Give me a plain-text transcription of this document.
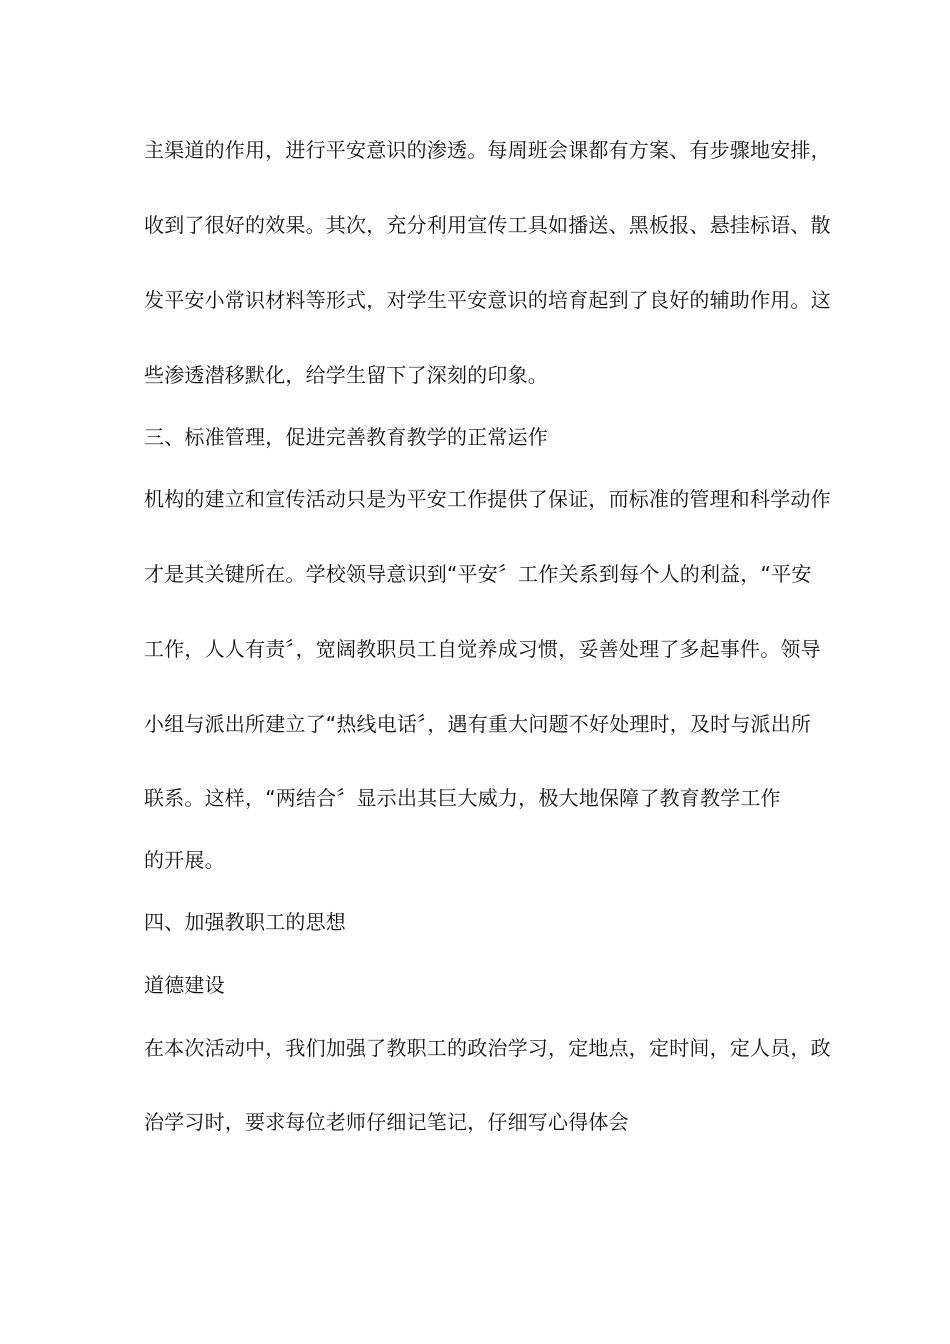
主渠道的作用，进行平安意识的渗透。每周班会课都有方案、有步骤地安排，
收到了很好的效果。其次，充分利用宣传工具如播送、黑板报、悬挂标语、散
发平安小常识材料等形式，对学生平安意识的培育起到了良好的辅助作用。这
些渗透潜移默化，给学生留下了深刻的印象。
三、标准管理，促进完善教育教学的正常运作
机构的建立和宣传活动只是为平安工作提供了保证，而标准的管理和科学动作
才是其关键所在。学校领导意识到“平安〞工作关系到每个人的利益，“平安
工作，人人有责〞，宽阔教职员工自觉养成习惯，妥善处理了多起事件。领导
小组与派出所建立了“热线电话〞，遇有重大问题不好处理时，及时与派出所
联系。这样，“两结合〞显示出其巨大威力，极大地保障了教育教学工作
的开展。
四、加强教职工的思想
道德建设
在本次活动中，我们加强了教职工的政治学习，定地点，定时间，定人员，政
治学习时，要求每位老师仔细记笔记，仔细写心得体会
